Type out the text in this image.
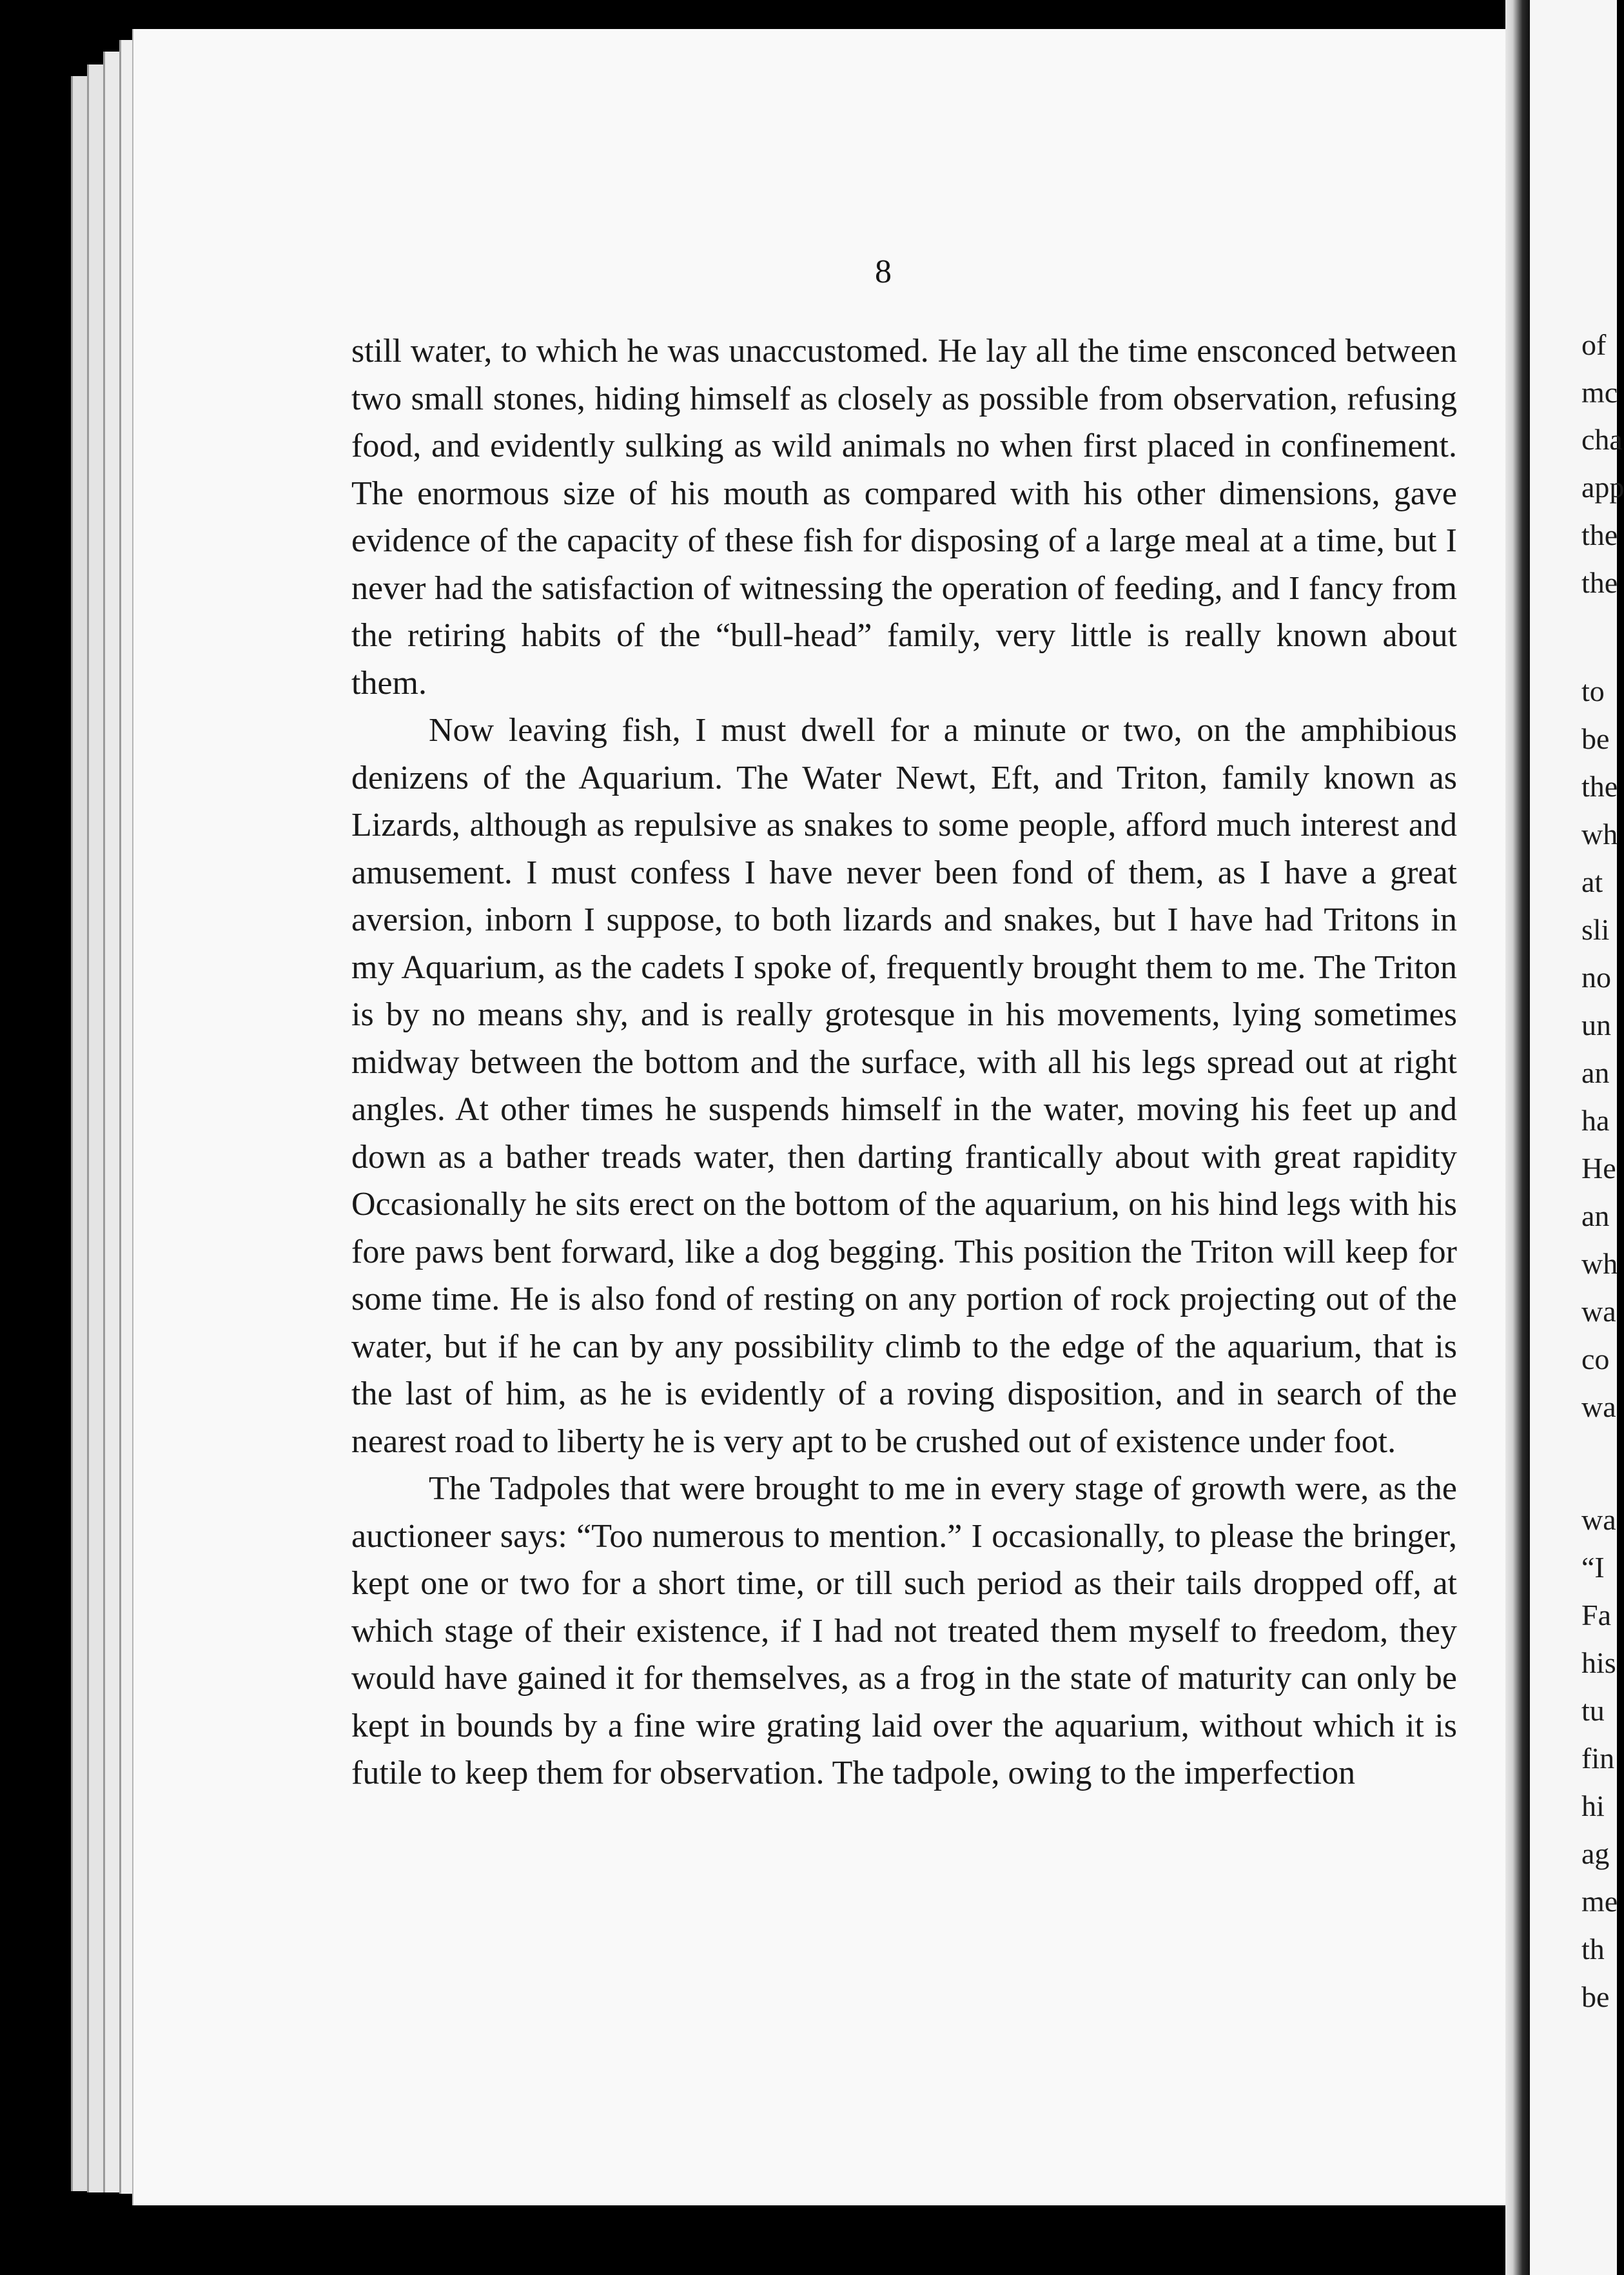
8

still water, to which he was unaccustomed. He lay all the time ensconced between two small stones, hiding himself as closely as possible from observation, refusing food, and evidently sulking as wild animals no when first placed in confinement. The enormous size of his mouth as compared with his other dimensions, gave evidence of the capacity of these fish for disposing of a large meal at a time, but I never had the satisfaction of witnessing the operation of feeding, and I fancy from the retiring habits of the “bull-head” family, very little is really known about them.

Now leaving fish, I must dwell for a minute or two, on the amphibious denizens of the Aquarium. The Water Newt, Eft, and Triton, family known as Lizards, although as repulsive as snakes to some people, afford much interest and amusement. I must confess I have never been fond of them, as I have a great aversion, inborn I suppose, to both lizards and snakes, but I have had Tritons in my Aquarium, as the cadets I spoke of, frequently brought them to me. The Triton is by no means shy, and is really grotesque in his movements, lying sometimes midway between the bottom and the surface, with all his legs spread out at right angles. At other times he suspends himself in the water, moving his feet up and down as a bather treads water, then darting frantically about with great rapidity Occasionally he sits erect on the bottom of the aquarium, on his hind legs with his fore paws bent forward, like a dog begging. This position the Triton will keep for some time. He is also fond of resting on any portion of rock projecting out of the water, but if he can by any possibility climb to the edge of the aquarium, that is the last of him, as he is evidently of a roving disposition, and in search of the nearest road to liberty he is very apt to be crushed out of existence under foot.

The Tadpoles that were brought to me in every stage of growth were, as the auctioneer says: “Too numerous to mention.” I occasionally, to please the bringer, kept one or two for a short time, or till such period as their tails dropped off, at which stage of their existence, if I had not treated them myself to freedom, they would have gained it for themselves, as a frog in the state of maturity can only be kept in bounds by a fine wire grating laid over the aquarium, without which it is futile to keep them for observation. The tadpole, owing to the imperfection

of
mc
cha
app
the
the
to
be
the
wh
at
sli
no
un
an
ha
He
an
wh
wa
co
wa
wa
“I
Fa
his
tu
fin
hi
ag
me
th
be
